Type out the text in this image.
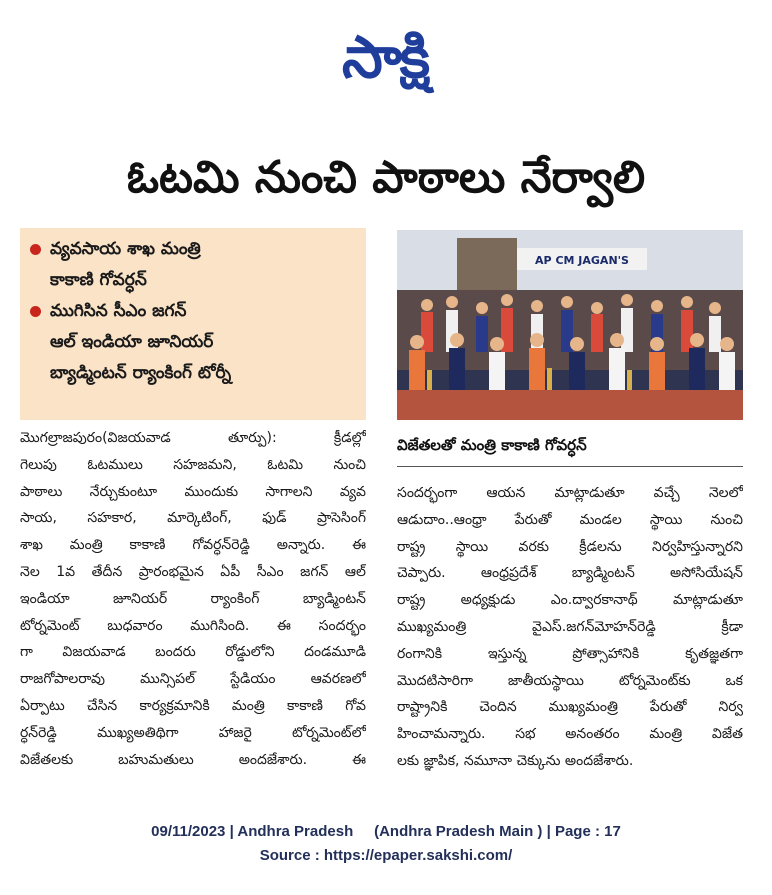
సాక్షి
ఓటమి నుంచి పాఠాలు నేర్వాలి
వ్యవసాయ శాఖ మంత్రి
కాకాణి గోవర్ధన్
ముగిసిన సీఎం జగన్
ఆల్ ఇండియా జూనియర్
బ్యాడ్మింటన్ ర్యాంకింగ్ టోర్నీ
AP CM JAGAN'S
విజేతలతో మంత్రి కాకాణి గోవర్ధన్
మొగల్రాజపురం(విజయవాడ తూర్పు): క్రీడల్లో
గెలుపు ఓటములు సహజమని, ఓటమి నుంచి
పాఠాలు నేర్చుకుంటూ ముందుకు సాగాలని వ్యవ
సాయ, సహకార, మార్కెటింగ్, ఫుడ్ ప్రాసెసింగ్
శాఖ మంత్రి కాకాణి గోవర్ధన్‌రెడ్డి అన్నారు. ఈ
నెల 1వ తేదీన ప్రారంభమైన ఏపీ సీఎం జగన్ ఆల్
ఇండియా జూనియర్ ర్యాంకింగ్ బ్యాడ్మింటన్
టోర్నమెంట్ బుధవారం ముగిసింది. ఈ సందర్భం
గా విజయవాడ బందరు రోడ్డులోని దండమూడి
రాజగోపాలరావు మున్సిపల్ స్టేడియం ఆవరణలో
ఏర్పాటు చేసిన కార్యక్రమానికి మంత్రి కాకాణి గోవ
ర్ధన్‌రెడ్డి ముఖ్యఅతిథిగా హాజరై టోర్నమెంట్‌లో
విజేతలకు బహుమతులు అందజేశారు. ఈ
సందర్భంగా ఆయన మాట్లాడుతూ వచ్చే నెలలో
ఆడుదాం..ఆంధ్రా పేరుతో మండల స్థాయి నుంచి
రాష్ట్ర స్థాయి వరకు క్రీడలను నిర్వహిస్తున్నారని
చెప్పారు. ఆంధ్రప్రదేశ్ బ్యాడ్మింటన్ అసోసియేషన్
రాష్ట్ర అధ్యక్షుడు ఎం.ద్వారకానాథ్ మాట్లాడుతూ
ముఖ్యమంత్రి వైఎస్.జగన్‌మోహన్‌రెడ్డి క్రీడా
రంగానికి ఇస్తున్న ప్రోత్సాహానికి కృతజ్ఞతగా
మొదటిసారిగా జాతీయస్థాయి టోర్నమెంట్‌కు ఒక
రాష్ట్రానికి చెందిన ముఖ్యమంత్రి పేరుతో నిర్వ
హించామన్నారు. సభ అనంతరం మంత్రి విజేత
లకు జ్ఞాపిక, నమూనా చెక్కును అందజేశారు.
09/11/2023 | Andhra Pradesh     (Andhra Pradesh Main ) | Page : 17
Source : https://epaper.sakshi.com/
